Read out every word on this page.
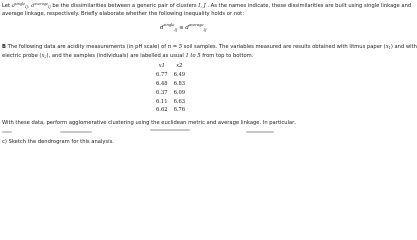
Let $d^{single}_{IJ}$, $d^{average}_{IJ}$ be the dissimilarities between a generic pair of clusters I, J . As the names indicate, these dissimilarities are built using single linkage and
average linkage, respectively. Briefly elaborate whether the following inequality holds or not:
$d^{single}_{IJ} \le d^{average}_{IJ}$
B The following data are acidity measurements (in pH scale) of n = 5 soil samples. The variables measured are results obtained with litmus paper $(x_1)$ and with
electric probe $(x_2)$, and the samples (individuals) are labelled as usual 1 to 5 from top to bottom.
x1	x2
6.77	6.49
6.48	6.83
6.37	6.09
6.11	6.63
6.62	6.76
With these data, perform agglomerative clustering using the euclidean metric and average linkage. In particular,
c) Sketch the dendrogram for this analysis.
